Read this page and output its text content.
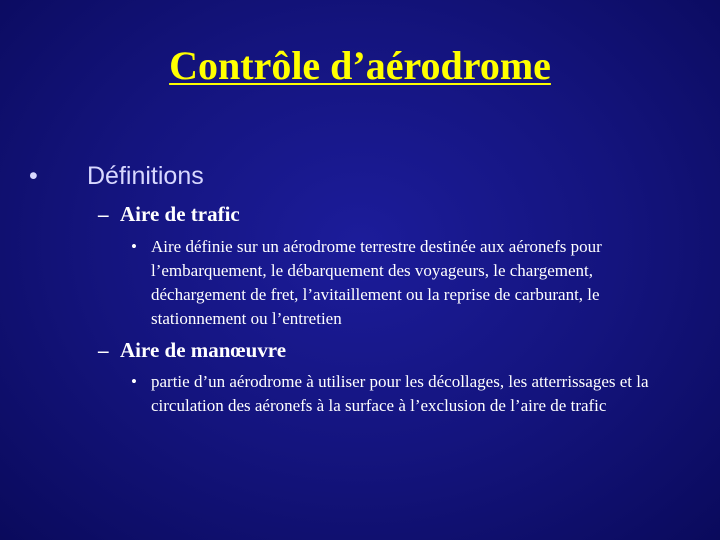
Contrôle d’aérodrome
• Définitions
– Aire de trafic
• Aire définie sur un aérodrome terrestre destinée aux aéronefs pour l’embarquement, le débarquement des voyageurs, le chargement, déchargement de fret, l’avitaillement ou la reprise de carburant, le stationnement ou l’entretien
– Aire de manœuvre
• partie d’un aérodrome à utiliser pour les décollages, les atterrissages et la circulation des aéronefs à la surface à l’exclusion de l’aire de trafic
